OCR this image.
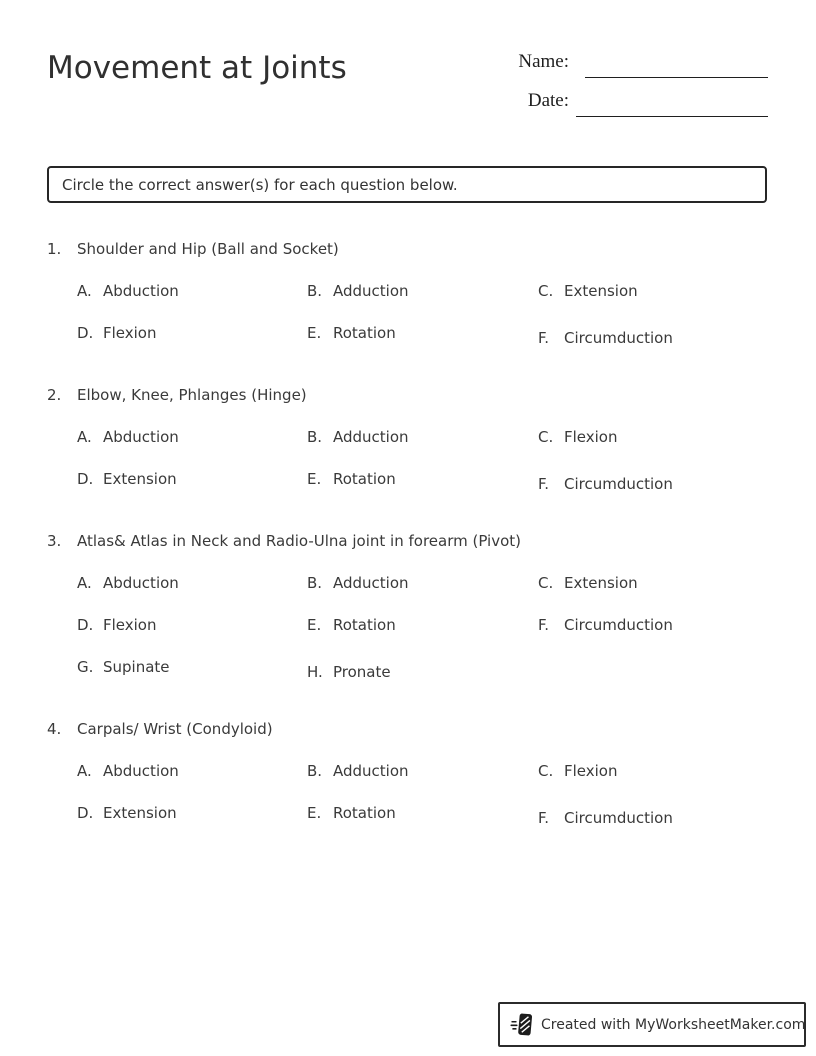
Movement at Joints	Name:
Date:
Circle the correct answer(s) for each question below.
1.	Shoulder and Hip (Ball and Socket)
A. Abduction	B. Adduction	C. Extension
D. Flexion	E. Rotation	F.	Circumduction
2.	Elbow, Knee, Phlanges (Hinge)
A. Abduction	B. Adduction	C. Flexion
D. Extension	E. Rotation	F.	Circumduction
3.	Atlas& Atlas in Neck and Radio-Ulna joint in forearm (Pivot)
A. Abduction	B. Adduction	C. Extension
D. Flexion	E. Rotation	F.	Circumduction
G. Supinate	H. Pronate
4.	Carpals/ Wrist (Condyloid)
A. Abduction	B. Adduction	C. Flexion
D. Extension	E. Rotation	F.	Circumduction
Created with MyWorksheetMaker.com
